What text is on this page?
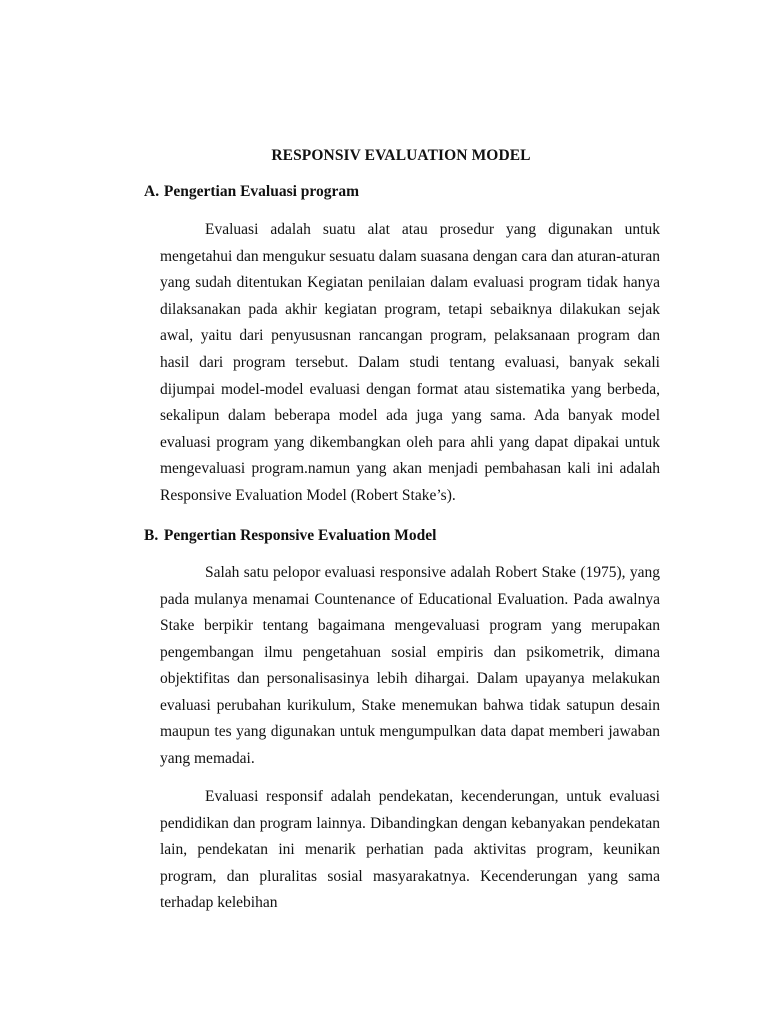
RESPONSIV EVALUATION MODEL
A. Pengertian Evaluasi program

Evaluasi adalah suatu alat atau prosedur yang digunakan untuk mengetahui dan mengukur sesuatu dalam suasana dengan cara dan aturan-aturan yang sudah ditentukan Kegiatan penilaian dalam evaluasi program tidak hanya dilaksanakan pada akhir kegiatan program, tetapi sebaiknya dilakukan sejak awal, yaitu dari penyususnan rancangan program, pelaksanaan program dan hasil dari program tersebut. Dalam studi tentang evaluasi, banyak sekali dijumpai model-model evaluasi dengan format atau sistematika yang berbeda, sekalipun dalam beberapa model ada juga yang sama. Ada banyak model evaluasi program yang dikembangkan oleh para ahli yang dapat dipakai untuk mengevaluasi program.namun yang akan menjadi pembahasan kali ini adalah Responsive Evaluation Model (Robert Stake’s).

B. Pengertian Responsive Evaluation Model

Salah satu pelopor evaluasi responsive adalah Robert Stake (1975), yang pada mulanya menamai Countenance of Educational Evaluation. Pada awalnya Stake berpikir tentang bagaimana mengevaluasi program yang merupakan pengembangan ilmu pengetahuan sosial empiris dan psikometrik, dimana objektifitas dan personalisasinya lebih dihargai. Dalam upayanya melakukan evaluasi perubahan kurikulum, Stake menemukan bahwa tidak satupun desain maupun tes yang digunakan untuk mengumpulkan data dapat memberi jawaban yang memadai.

Evaluasi responsif adalah pendekatan, kecenderungan, untuk evaluasi pendidikan dan program lainnya. Dibandingkan dengan kebanyakan pendekatan lain, pendekatan ini menarik perhatian pada aktivitas program, keunikan program, dan pluralitas sosial masyarakatnya. Kecenderungan yang sama terhadap kelebihan
